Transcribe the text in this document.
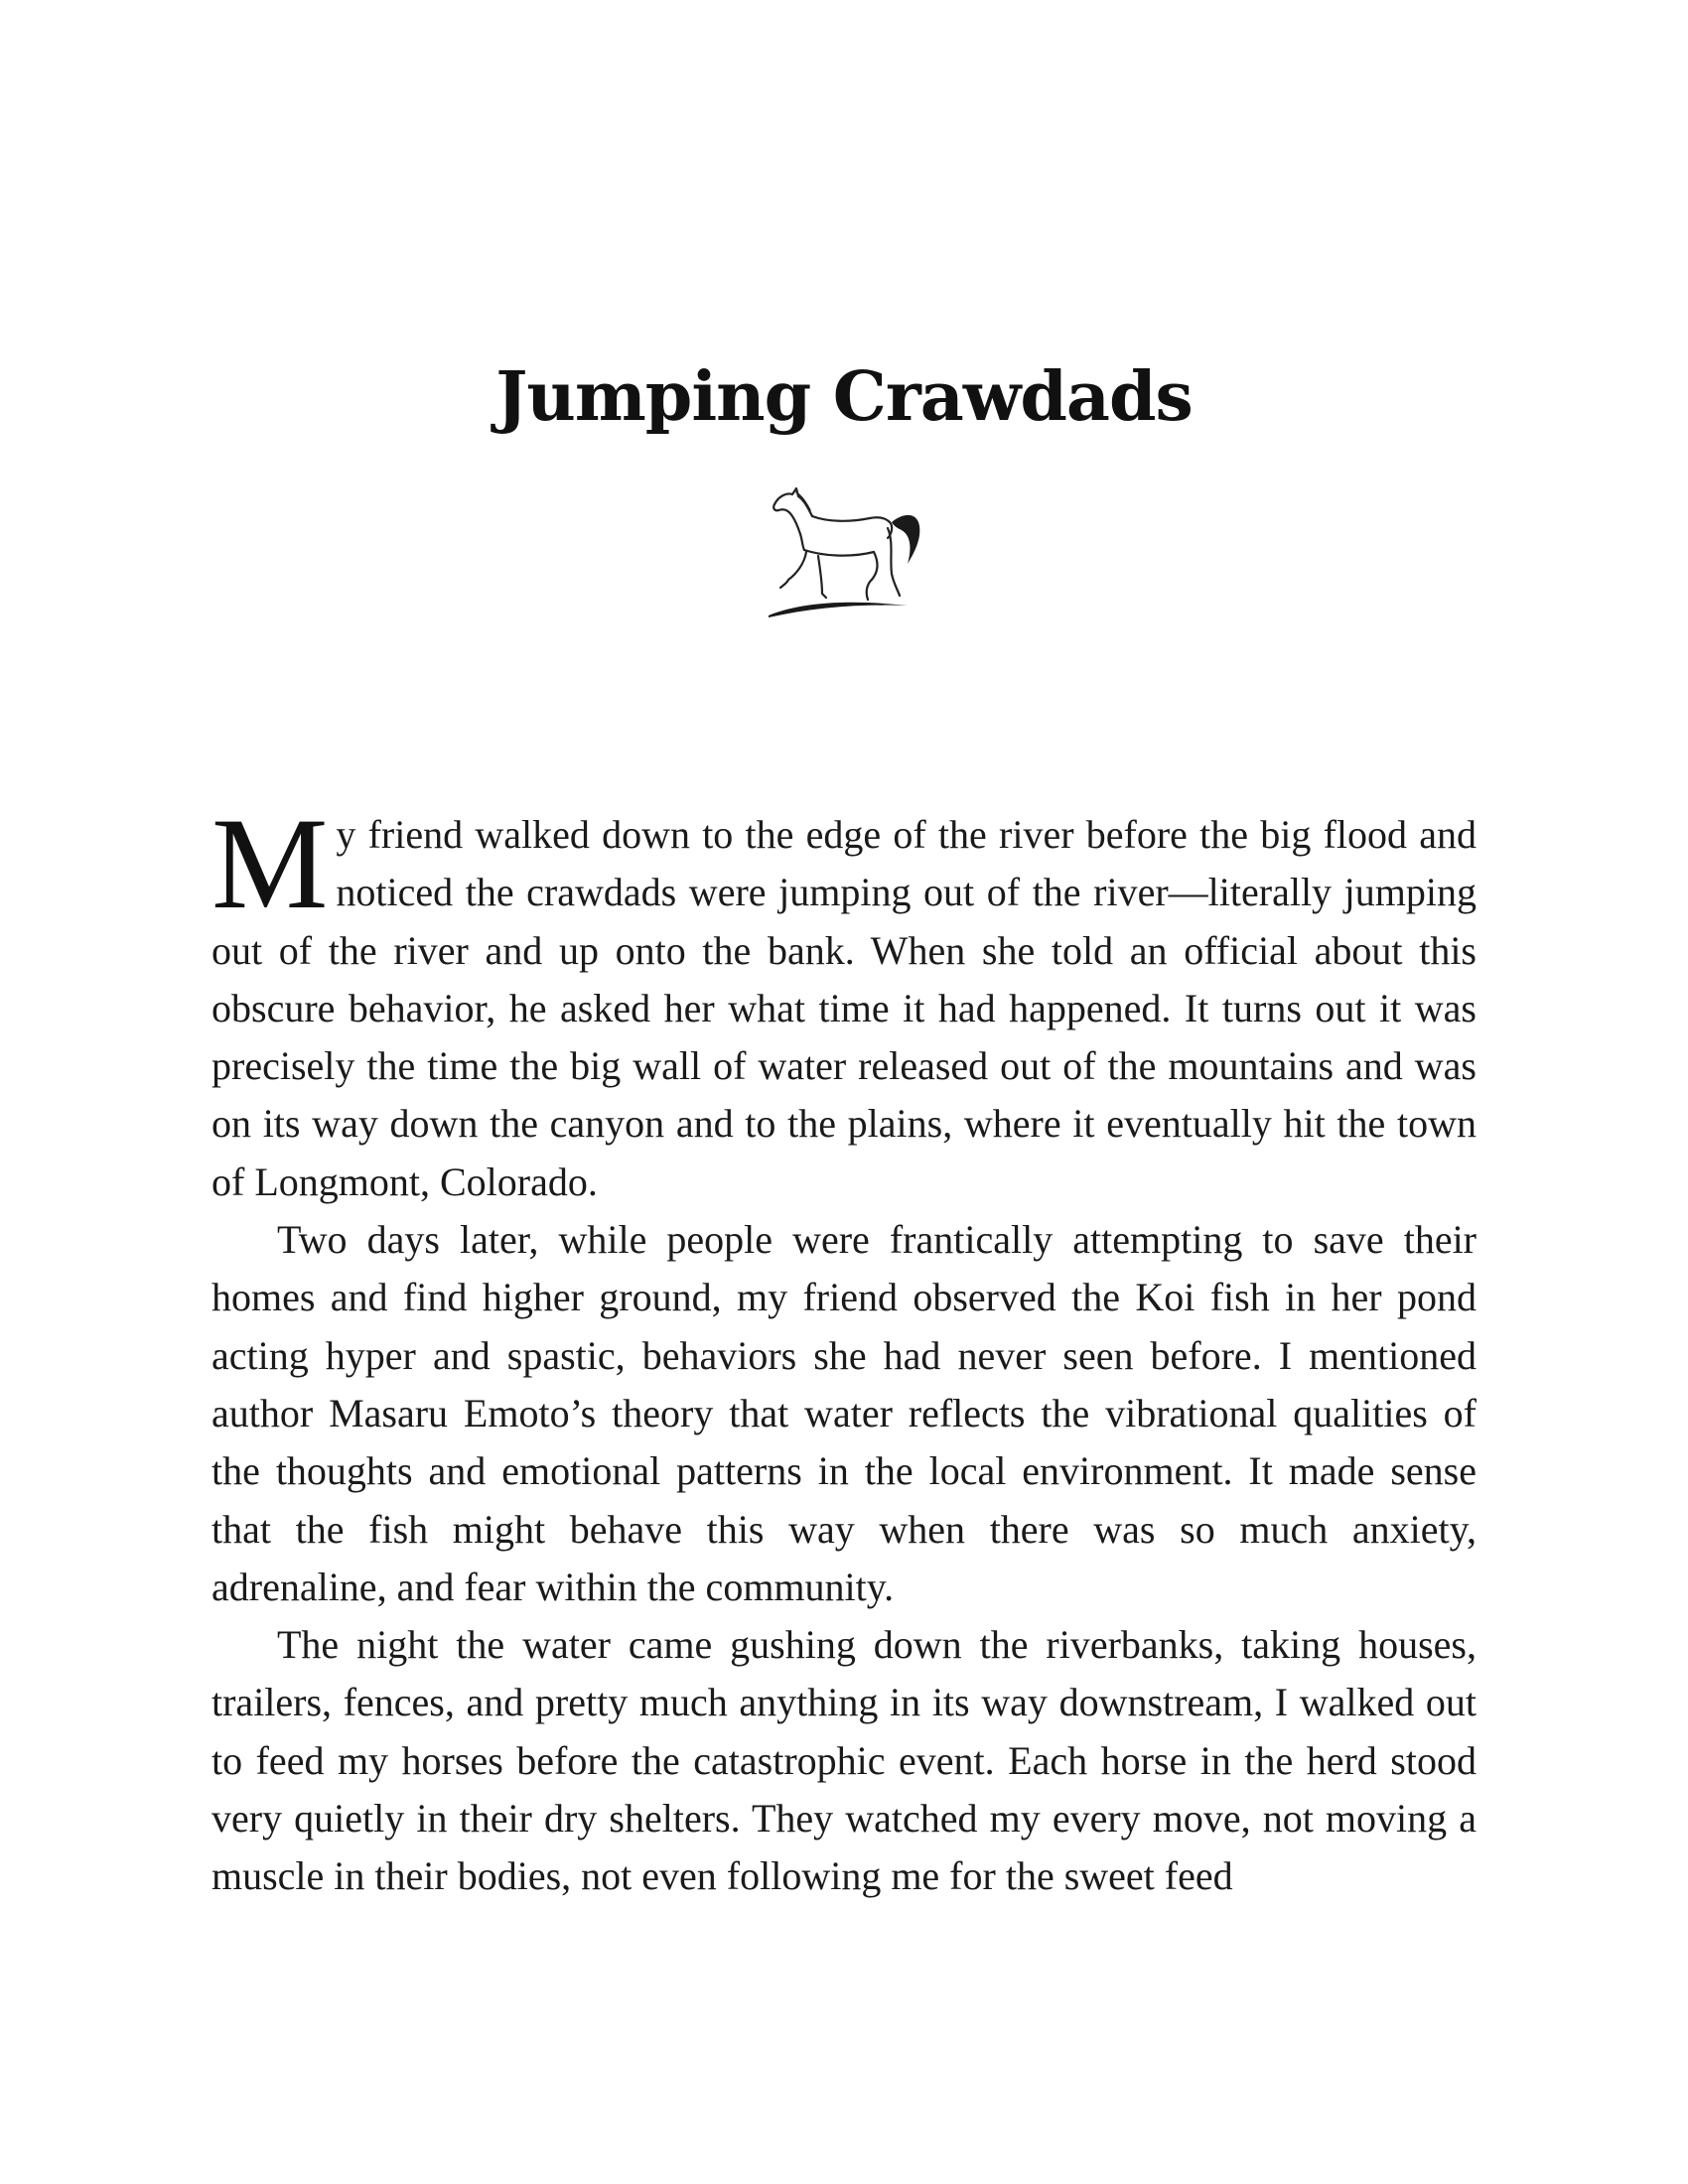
Jumping Crawdads

My friend walked down to the edge of the river before the big flood and noticed the crawdads were jumping out of the river—literally jumping out of the river and up onto the bank. When she told an official about this obscure behavior, he asked her what time it had happened. It turns out it was precisely the time the big wall of water released out of the mountains and was on its way down the canyon and to the plains, where it eventually hit the town of Longmont, Colorado.

Two days later, while people were frantically attempting to save their homes and find higher ground, my friend observed the Koi fish in her pond acting hyper and spastic, behaviors she had never seen before. I mentioned author Masaru Emoto’s theory that water reflects the vibrational qualities of the thoughts and emotional patterns in the local environment. It made sense that the fish might behave this way when there was so much anxiety, adrenaline, and fear within the community.

The night the water came gushing down the riverbanks, taking houses, trailers, fences, and pretty much anything in its way downstream, I walked out to feed my horses before the catastrophic event. Each horse in the herd stood very quietly in their dry shelters. They watched my every move, not moving a muscle in their bodies, not even following me for the sweet feed
